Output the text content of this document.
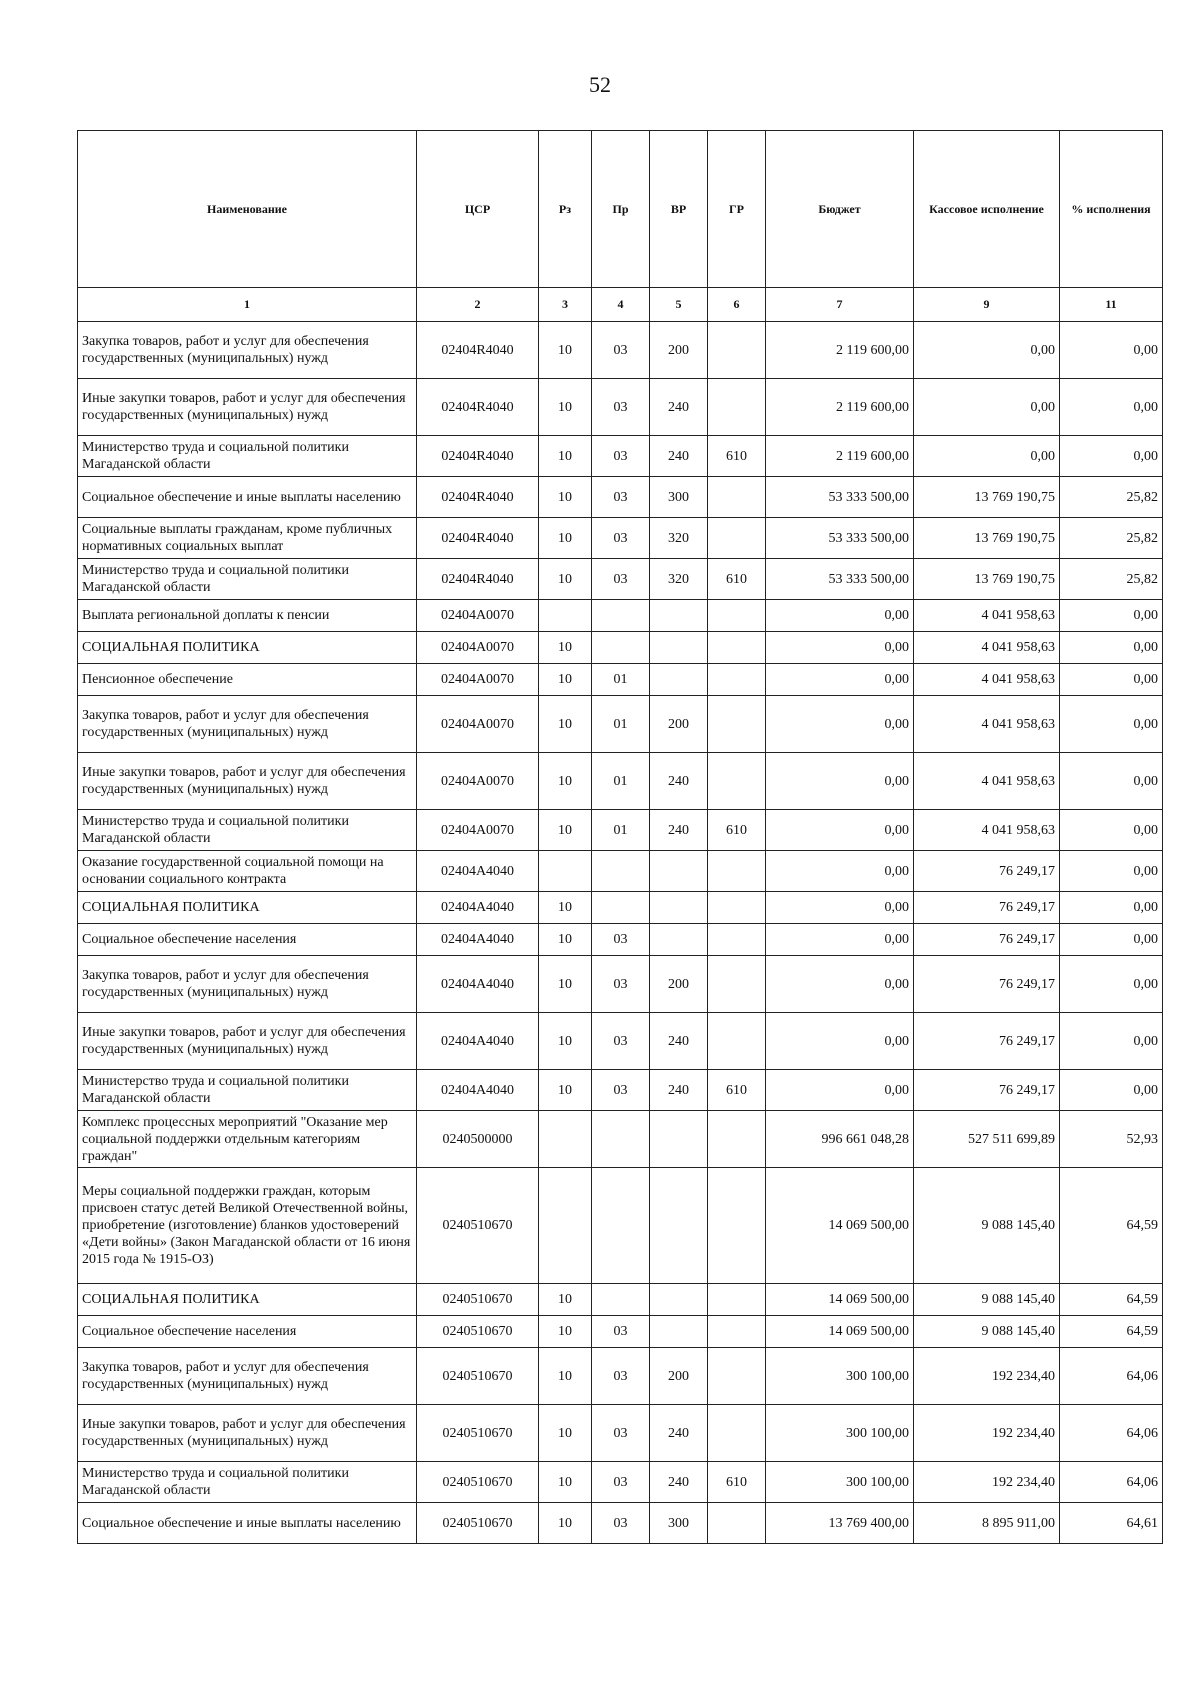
52
Наименование	ЦСР	Рз	Пр	ВР	ГР	Бюджет	Кассовое исполнение	% исполнения
1	2	3	4	5	6	7	9	11
Закупка товаров, работ и услуг для обеспечения государственных (муниципальных) нужд	02404R4040	10	03	200		2 119 600,00	0,00	0,00
Иные закупки товаров, работ и услуг для обеспечения государственных (муниципальных) нужд	02404R4040	10	03	240		2 119 600,00	0,00	0,00
Министерство труда и социальной политики Магаданской области	02404R4040	10	03	240	610	2 119 600,00	0,00	0,00
Социальное обеспечение и иные выплаты населению	02404R4040	10	03	300		53 333 500,00	13 769 190,75	25,82
Социальные выплаты гражданам, кроме публичных нормативных социальных выплат	02404R4040	10	03	320		53 333 500,00	13 769 190,75	25,82
Министерство труда и социальной политики Магаданской области	02404R4040	10	03	320	610	53 333 500,00	13 769 190,75	25,82
Выплата региональной доплаты к пенсии	02404А0070					0,00	4 041 958,63	0,00
СОЦИАЛЬНАЯ ПОЛИТИКА	02404А0070	10				0,00	4 041 958,63	0,00
Пенсионное обеспечение	02404А0070	10	01			0,00	4 041 958,63	0,00
Закупка товаров, работ и услуг для обеспечения государственных (муниципальных) нужд	02404А0070	10	01	200		0,00	4 041 958,63	0,00
Иные закупки товаров, работ и услуг для обеспечения государственных (муниципальных) нужд	02404А0070	10	01	240		0,00	4 041 958,63	0,00
Министерство труда и социальной политики Магаданской области	02404А0070	10	01	240	610	0,00	4 041 958,63	0,00
Оказание государственной социальной помощи на основании социального контракта	02404А4040					0,00	76 249,17	0,00
СОЦИАЛЬНАЯ ПОЛИТИКА	02404А4040	10				0,00	76 249,17	0,00
Социальное обеспечение населения	02404А4040	10	03			0,00	76 249,17	0,00
Закупка товаров, работ и услуг для обеспечения государственных (муниципальных) нужд	02404А4040	10	03	200		0,00	76 249,17	0,00
Иные закупки товаров, работ и услуг для обеспечения государственных (муниципальных) нужд	02404А4040	10	03	240		0,00	76 249,17	0,00
Министерство труда и социальной политики Магаданской области	02404А4040	10	03	240	610	0,00	76 249,17	0,00
Комплекс процессных мероприятий "Оказание мер социальной поддержки отдельным категориям граждан"	0240500000					996 661 048,28	527 511 699,89	52,93
Меры социальной поддержки граждан, которым присвоен статус детей Великой Отечественной войны, приобретение (изготовление) бланков удостоверений «Дети войны» (Закон Магаданской области от 16 июня 2015 года № 1915-ОЗ)	0240510670					14 069 500,00	9 088 145,40	64,59
СОЦИАЛЬНАЯ ПОЛИТИКА	0240510670	10				14 069 500,00	9 088 145,40	64,59
Социальное обеспечение населения	0240510670	10	03			14 069 500,00	9 088 145,40	64,59
Закупка товаров, работ и услуг для обеспечения государственных (муниципальных) нужд	0240510670	10	03	200		300 100,00	192 234,40	64,06
Иные закупки товаров, работ и услуг для обеспечения государственных (муниципальных) нужд	0240510670	10	03	240		300 100,00	192 234,40	64,06
Министерство труда и социальной политики Магаданской области	0240510670	10	03	240	610	300 100,00	192 234,40	64,06
Социальное обеспечение и иные выплаты населению	0240510670	10	03	300		13 769 400,00	8 895 911,00	64,61
